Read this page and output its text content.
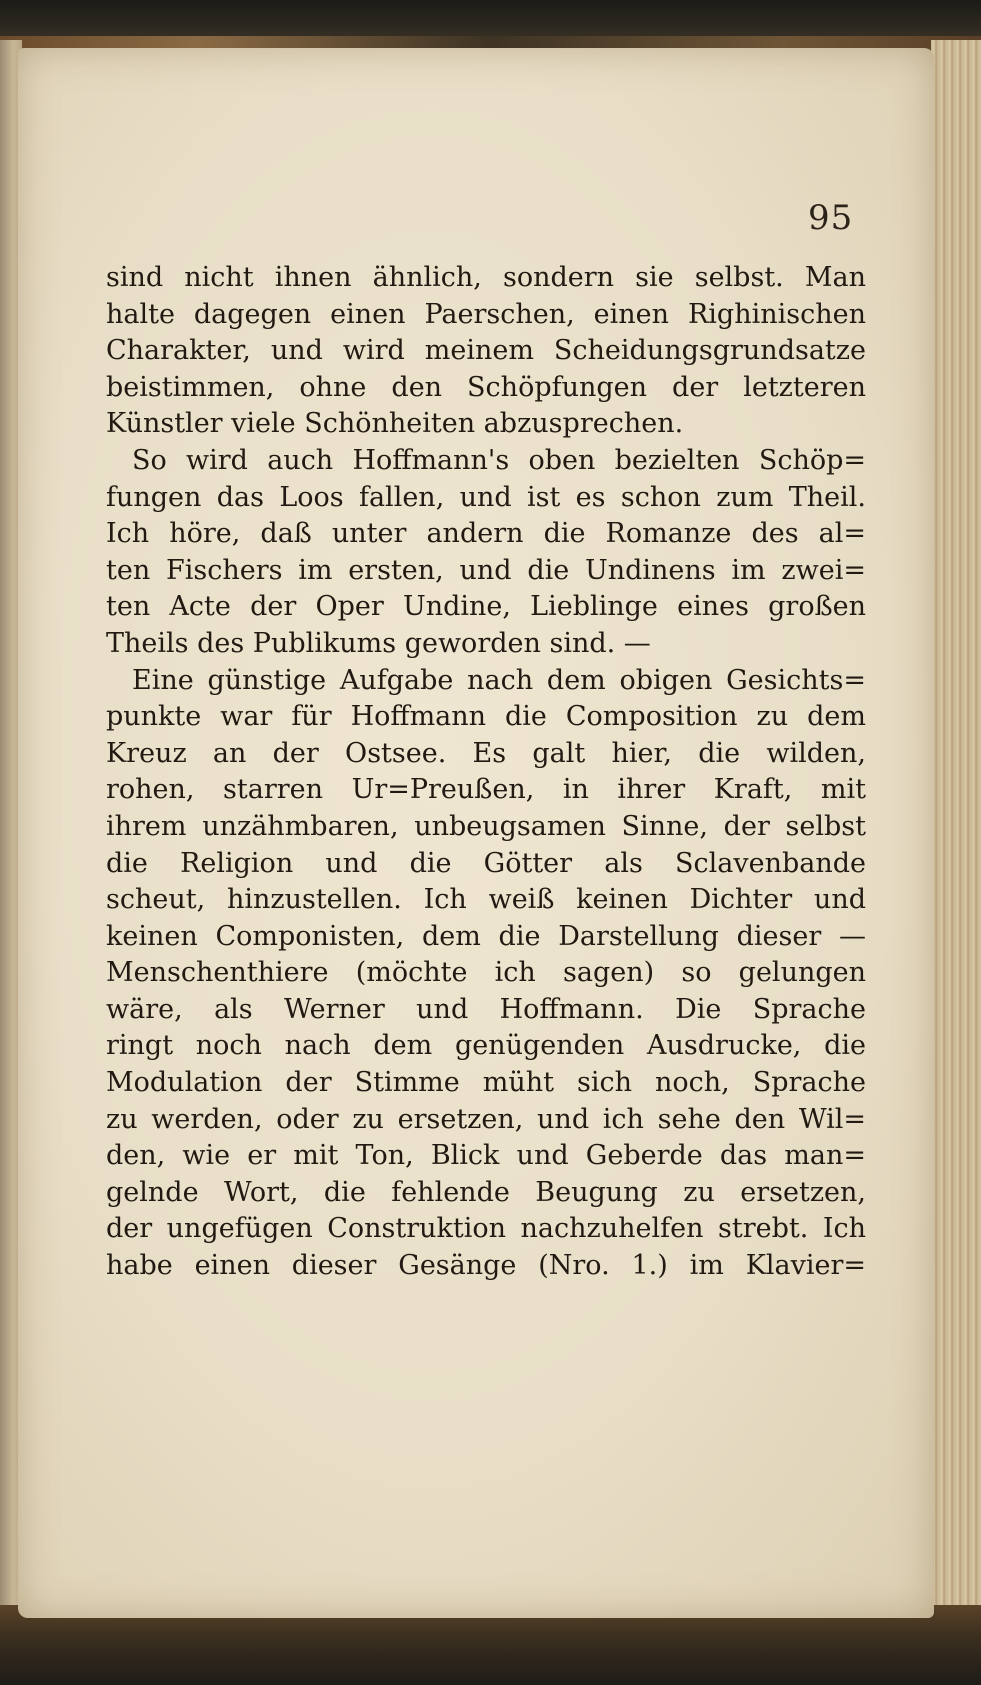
95
sind nicht ihnen ähnlich, sondern sie selbst. Man
halte dagegen einen Paerschen, einen Righinischen
Charakter, und wird meinem Scheidungsgrundsatze
beistimmen, ohne den Schöpfungen der letzteren
Künstler viele Schönheiten abzusprechen.
So wird auch Hoffmann's oben bezielten Schöp=
fungen das Loos fallen, und ist es schon zum Theil.
Ich höre, daß unter andern die Romanze des al=
ten Fischers im ersten, und die Undinens im zwei=
ten Acte der Oper Undine, Lieblinge eines großen
Theils des Publikums geworden sind. —
Eine günstige Aufgabe nach dem obigen Gesichts=
punkte war für Hoffmann die Composition zu dem
Kreuz an der Ostsee. Es galt hier, die wilden,
rohen, starren Ur=Preußen, in ihrer Kraft, mit
ihrem unzähmbaren, unbeugsamen Sinne, der selbst
die Religion und die Götter als Sclavenbande
scheut, hinzustellen. Ich weiß keinen Dichter und
keinen Componisten, dem die Darstellung dieser —
Menschenthiere (möchte ich sagen) so gelungen
wäre, als Werner und Hoffmann. Die Sprache
ringt noch nach dem genügenden Ausdrucke, die
Modulation der Stimme müht sich noch, Sprache
zu werden, oder zu ersetzen, und ich sehe den Wil=
den, wie er mit Ton, Blick und Geberde das man=
gelnde Wort, die fehlende Beugung zu ersetzen,
der ungefügen Construktion nachzuhelfen strebt. Ich
habe einen dieser Gesänge (Nro. 1.) im Klavier=
